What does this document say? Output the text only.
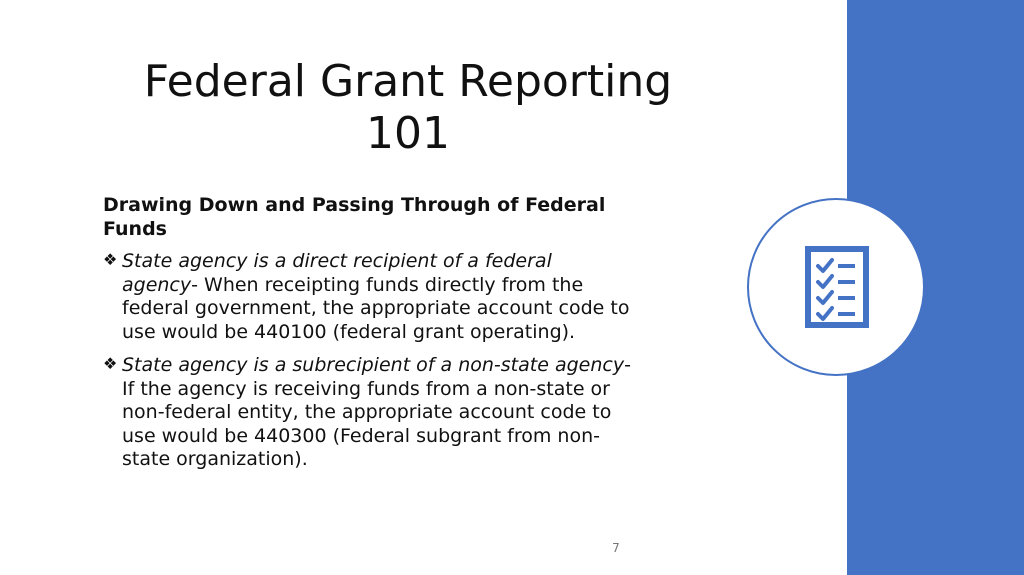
Federal Grant Reporting
101
Drawing Down and Passing Through of Federal Funds
❖ State agency is a direct recipient of a federal agency- When receipting funds directly from the federal government, the appropriate account code to use would be 440100 (federal grant operating).
❖ State agency is a subrecipient of a non-state agency- If the agency is receiving funds from a non-state or non-federal entity, the appropriate account code to use would be 440300 (Federal subgrant from non-state organization).
7
